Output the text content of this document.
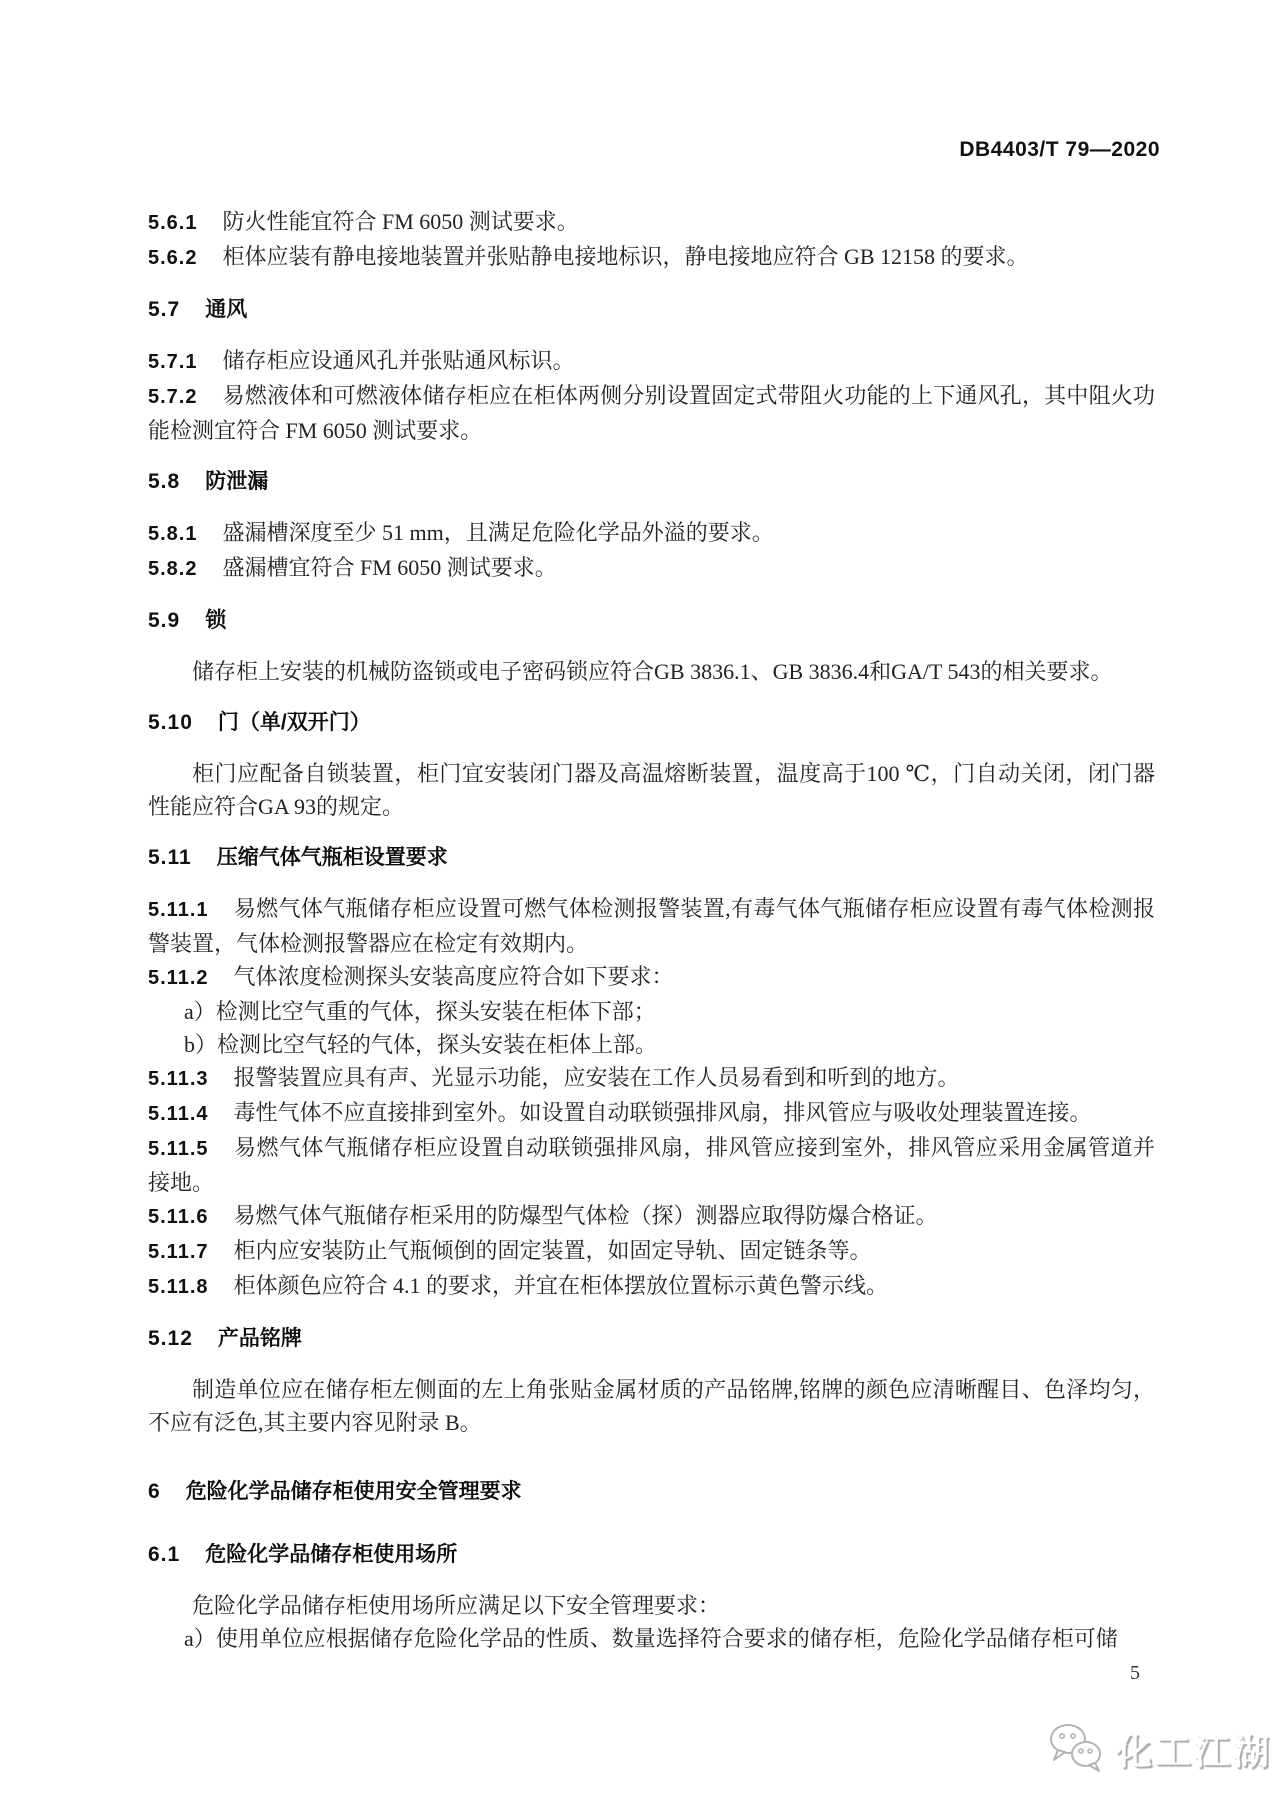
DB4403/T 79—2020

5.6.1 防火性能宜符合 FM 6050 测试要求。

5.6.2 柜体应装有静电接地装置并张贴静电接地标识，静电接地应符合 GB 12158 的要求。

5.7 通风

5.7.1 储存柜应设通风孔并张贴通风标识。

5.7.2 易燃液体和可燃液体储存柜应在柜体两侧分别设置固定式带阻火功能的上下通风孔，其中阻火功能检测宜符合 FM 6050 测试要求。

5.8 防泄漏

5.8.1 盛漏槽深度至少 51 mm，且满足危险化学品外溢的要求。

5.8.2 盛漏槽宜符合 FM 6050 测试要求。

5.9 锁

储存柜上安装的机械防盗锁或电子密码锁应符合GB 3836.1、GB 3836.4和GA/T 543的相关要求。

5.10 门（单/双开门）

柜门应配备自锁装置，柜门宜安装闭门器及高温熔断装置，温度高于100 ℃，门自动关闭，闭门器性能应符合GA 93的规定。

5.11 压缩气体气瓶柜设置要求

5.11.1 易燃气体气瓶储存柜应设置可燃气体检测报警装置,有毒气体气瓶储存柜应设置有毒气体检测报警装置，气体检测报警器应在检定有效期内。

5.11.2 气体浓度检测探头安装高度应符合如下要求：

a）检测比空气重的气体，探头安装在柜体下部；

b）检测比空气轻的气体，探头安装在柜体上部。

5.11.3 报警装置应具有声、光显示功能，应安装在工作人员易看到和听到的地方。

5.11.4 毒性气体不应直接排到室外。如设置自动联锁强排风扇，排风管应与吸收处理装置连接。

5.11.5 易燃气体气瓶储存柜应设置自动联锁强排风扇，排风管应接到室外，排风管应采用金属管道并接地。

5.11.6 易燃气体气瓶储存柜采用的防爆型气体检（探）测器应取得防爆合格证。

5.11.7 柜内应安装防止气瓶倾倒的固定装置，如固定导轨、固定链条等。

5.11.8 柜体颜色应符合 4.1 的要求，并宜在柜体摆放位置标示黄色警示线。

5.12 产品铭牌

制造单位应在储存柜左侧面的左上角张贴金属材质的产品铭牌,铭牌的颜色应清晰醒目、色泽均匀，不应有泛色,其主要内容见附录 B。

6 危险化学品储存柜使用安全管理要求

6.1 危险化学品储存柜使用场所

危险化学品储存柜使用场所应满足以下安全管理要求：

a）使用单位应根据储存危险化学品的性质、数量选择符合要求的储存柜，危险化学品储存柜可储

5
化工江湖
